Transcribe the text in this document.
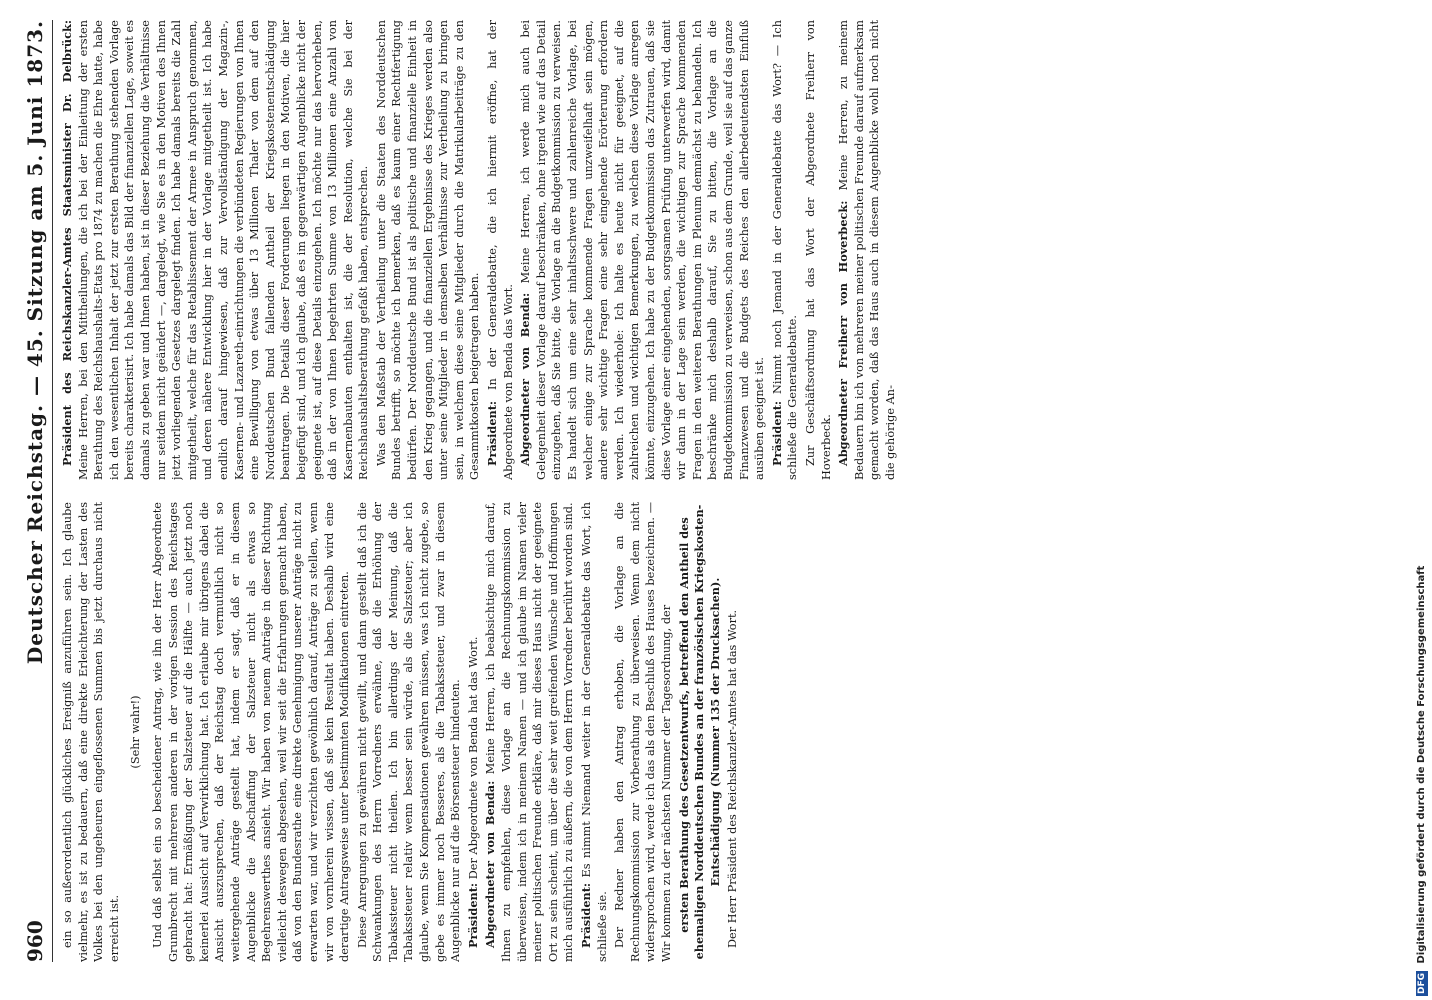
960
Deutscher Reichstag. — 45. Sitzung am 5. Juni 1873.

ein so außerordentlich glückliches Ereigniß anzuführen sein. Ich glaube vielmehr, es ist zu bedauern, daß eine direkte Erleichterung der Lasten des Volkes bei den ungeheuren eingeflossenen Summen bis jetzt durchaus nicht erreicht ist.

(Sehr wahr!) Und daß selbst ein so bescheidener Antrag, wie ihn der Herr Abgeordnete Grumbrecht mit mehreren anderen in der vorigen Session des Reichstages gebracht hat: Ermäßigung der Salzsteuer auf die Hälfte — auch jetzt noch keinerlei Aussicht auf Verwirklichung hat. Ich erlaube mir übrigens dabei die Ansicht auszusprechen, daß der Reichstag doch vermuthlich nicht so weitergehende Anträge gestellt hat, indem er sagt, daß er in diesem Augenblicke die Abschaffung der Salzsteuer nicht als etwas so Begehrenswerthes ansieht. Wir haben von neuem Anträge in dieser Richtung vielleicht deswegen abgesehen, weil wir seit die Erfahrungen gemacht haben, daß von den Bundesrathe eine direkte Genehmigung unserer Anträge nicht zu erwarten war, und wir verzichten gewöhnlich darauf, Anträge zu stellen, wenn wir von vornherein wissen, daß sie kein Resultat haben. Deshalb wird eine derartige Antragsweise unter bestimmten Modifikationen eintreten. Diese Anregungen zu gewähren nicht gewillt, und dann gestellt daß ich die Schwankungen des Herrn Vorredners erwähne, daß die Erhöhung der Tabakssteuer nicht theilen. Ich bin allerdings der Meinung, daß die Tabakssteuer relativ wenn besser sein würde, als die Salzsteuer; aber ich glaube, wenn Sie Kompensationen gewähren müssen, was ich nicht zugebe, so gebe es immer noch Besseres, als die Tabakssteuer, und zwar in diesem Augenblicke nur auf die Börsensteuer hindeuten. Präsident: Der Abgeordnete von Benda hat das Wort. Abgeordneter von Benda: Meine Herren, ich beabsichtige mich darauf, Ihnen zu empfehlen, diese Vorlage an die Rechnungskommission zu überweisen, indem ich in meinem Namen — und ich glaube im Namen vieler meiner politischen Freunde erkläre, daß mir dieses Haus nicht der geeignete Ort zu sein scheint, um über die sehr weit greifenden Wünsche und Hoffnungen mich ausführlich zu äußern, die von dem Herrn Vorredner berührt worden sind. Präsident: Es nimmt Niemand weiter in der Generaldebatte das Wort, ich schließe sie. Der Redner haben den Antrag erhoben, die Vorlage an die Rechnungskommission zur Vorberathung zu überweisen. Wenn dem nicht widersprochen wird, werde ich das als den Beschluß des Hauses bezeichnen. — Wir kommen zu der nächsten Nummer der Tagesordnung, der ersten Berathung des Gesetzentwurfs, betreffend den Antheil des ehemaligen Norddeutschen Bundes an der französischen Kriegskosten-Entschädigung (Nummer 135 der Drucksachen). Der Herr Präsident des Reichskanzler-Amtes hat das Wort.

Präsident des Reichskanzler-Amtes Staatsminister Dr. Delbrück: Meine Herren, bei den Mittheilungen, die ich bei der Einleitung der ersten Berathung des Reichshaushalts-Etats pro 1874 zu machen die Ehre hatte, habe ich den wesentlichen Inhalt der jetzt zur ersten Berathung stehenden Vorlage bereits charakterisirt. Ich habe damals das Bild der finanziellen Lage, soweit es damals zu geben war und Ihnen haben, ist in dieser Beziehung die Verhältnisse nur seitdem nicht geändert —, dargelegt, wie Sie es in den Motiven des Ihnen jetzt vorliegenden Gesetzes dargelegt finden. Ich habe damals bereits die Zahl mitgetheilt, welche für das Retablissement der Armee in Anspruch genommen, und deren nähere Entwicklung hier in der Vorlage mitgetheilt ist. Ich habe endlich darauf hingewiesen, daß zur Vervollständigung der Magazin-, Kasernen- und Lazareth-einrichtungen die verbündeten Regierungen von Ihnen eine Bewilligung von etwas über 13 Millionen Thaler von dem auf den Norddeutschen Bund fallenden Antheil der Kriegskostenentschädigung beantragen. Die Details dieser Forderungen liegen in den Motiven, die hier beigefügt sind, und ich glaube, daß es im gegenwärtigen Augenblicke nicht der geeignete ist, auf diese Details einzugehen. Ich möchte nur das hervorheben, daß in der von Ihnen begehrten Summe von 13 Millionen eine Anzahl von Kasernenbauten enthalten ist, die der Resolution, welche Sie bei der Reichshaushaltsberathung gefaßt haben, entsprechen. Was den Maßstab der Vertheilung unter die Staaten des Norddeutschen Bundes betrifft, so möchte ich bemerken, daß es kaum einer Rechtfertigung bedürfen. Der Norddeutsche Bund ist als politische und finanzielle Einheit in den Krieg gegangen, und die finanziellen Ergebnisse des Krieges werden also unter seine Mitglieder in demselben Verhältnisse zur Vertheilung zu bringen sein, in welchem diese seine Mitglieder durch die Matrikularbeiträge zu den Gesammtkosten beigetragen haben. Präsident: In der Generaldebatte, die ich hiermit eröffne, hat der Abgeordnete von Benda das Wort. Abgeordneter von Benda: Meine Herren, ich werde mich auch bei Gelegenheit dieser Vorlage darauf beschränken, ohne irgend wie auf das Detail einzugehen, daß Sie bitte, die Vorlage an die Budgetkommission zu verweisen. Es handelt sich um eine sehr inhaltsschwere und zahlenreiche Vorlage, bei welcher einige zur Sprache kommende Fragen unzweifelhaft sein mögen, andere sehr wichtige Fragen eine sehr eingehende Erörterung erfordern werden. Ich wiederhole: Ich halte es heute nicht für geeignet, auf die zahlreichen und wichtigen Bemerkungen, zu welchen diese Vorlage anregen könnte, einzugehen. Ich habe zu der Budgetkommission das Zutrauen, daß sie diese Vorlage einer eingehenden, sorgsamen Prüfung unterwerfen wird, damit wir dann in der Lage sein werden, die wichtigen zur Sprache kommenden Fragen in den weiteren Berathungen im Plenum demnächst zu behandeln. Ich beschränke mich deshalb darauf, Sie zu bitten, die Vorlage an die Budgetkommission zu verweisen, schon aus dem Grunde, weil sie auf das ganze Finanzwesen und die Budgets des Reiches den allerbedeutendsten Einfluß ausüben geeignet ist. Präsident: Nimmt noch Jemand in der Generaldebatte das Wort? — Ich schließe die Generaldebatte. Zur Geschäftsordnung hat das Wort der Abgeordnete Freiherr von Hoverbeck. Abgeordneter Freiherr von Hoverbeck: Meine Herren, zu meinem Bedauern bin ich von mehreren meiner politischen Freunde darauf aufmerksam gemacht worden, daß das Haus auch in diesem Augenblicke wohl noch nicht die gehörige An-

DFG Digitalisierung gefördert durch die Deutsche Forschungsgemeinschaft
